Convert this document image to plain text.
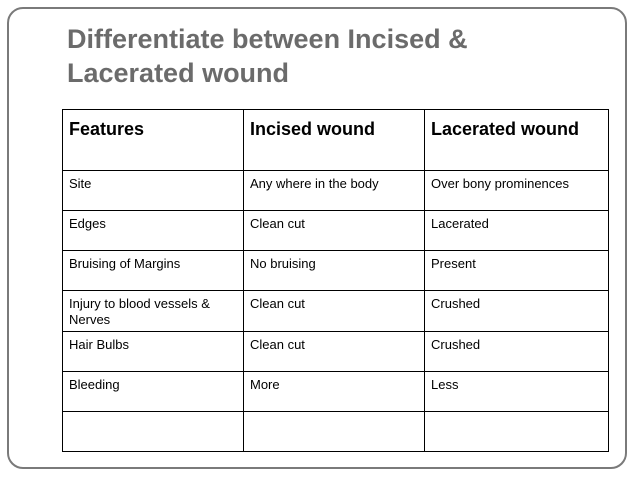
Differentiate between Incised & Lacerated wound
Features	Incised wound	Lacerated wound
Site	Any where in the body	Over bony prominences
Edges	Clean cut	Lacerated
Bruising of Margins	No bruising	Present
Injury to blood vessels & Nerves	Clean cut	Crushed
Hair Bulbs	Clean cut	Crushed
Bleeding	More	Less
